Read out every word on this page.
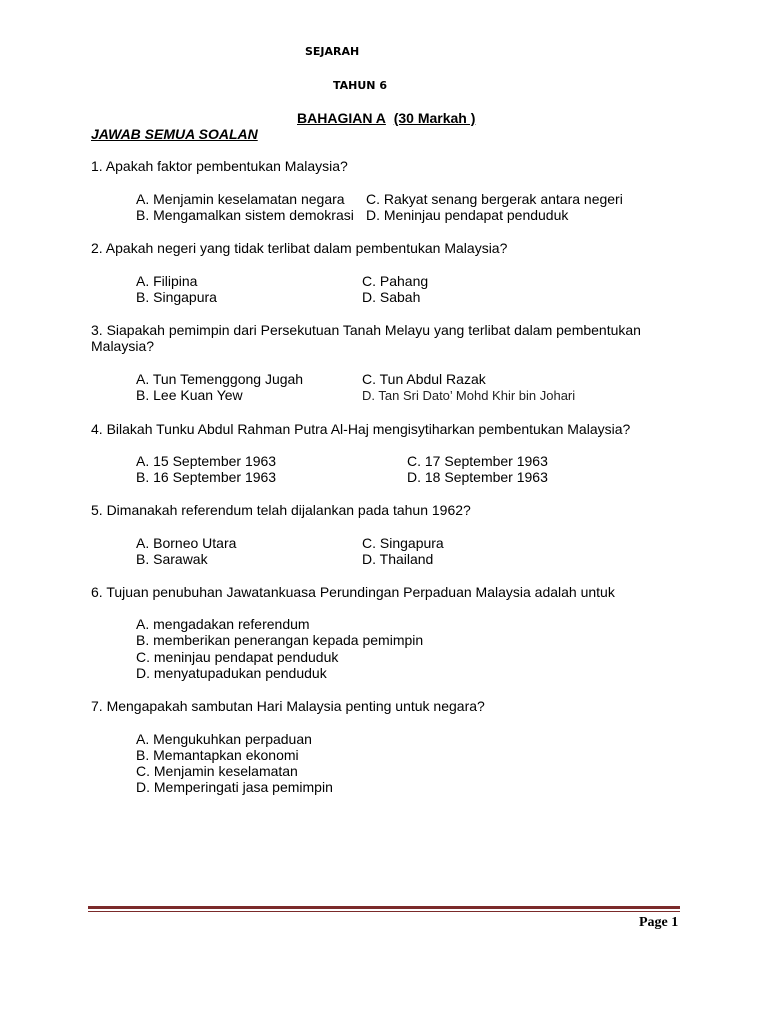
SEJARAH
TAHUN 6
BAHAGIAN A (30 Markah )
JAWAB SEMUA SOALAN
1. Apakah faktor pembentukan Malaysia?
A. Menjamin keselamatan negara
B. Mengamalkan sistem demokrasi
C. Rakyat senang bergerak antara negeri
D. Meninjau pendapat penduduk
2. Apakah negeri yang tidak terlibat dalam pembentukan Malaysia?
A. Filipina
B. Singapura
C. Pahang
D. Sabah
3. Siapakah pemimpin dari Persekutuan Tanah Melayu yang terlibat dalam pembentukan
Malaysia?
A. Tun Temenggong Jugah
B. Lee Kuan Yew
C. Tun Abdul Razak
D. Tan Sri Dato’ Mohd Khir bin Johari
4. Bilakah Tunku Abdul Rahman Putra Al-Haj mengisytiharkan pembentukan Malaysia?
A. 15 September 1963
B. 16 September 1963
C. 17 September 1963
D. 18 September 1963
5. Dimanakah referendum telah dijalankan pada tahun 1962?
A. Borneo Utara
B. Sarawak
C. Singapura
D. Thailand
6. Tujuan penubuhan Jawatankuasa Perundingan Perpaduan Malaysia adalah untuk
A. mengadakan referendum
B. memberikan penerangan kepada pemimpin
C. meninjau pendapat penduduk
D. menyatupadukan penduduk
7. Mengapakah sambutan Hari Malaysia penting untuk negara?
A. Mengukuhkan perpaduan
B. Memantapkan ekonomi
C. Menjamin keselamatan
D. Memperingati jasa pemimpin
Page 1
